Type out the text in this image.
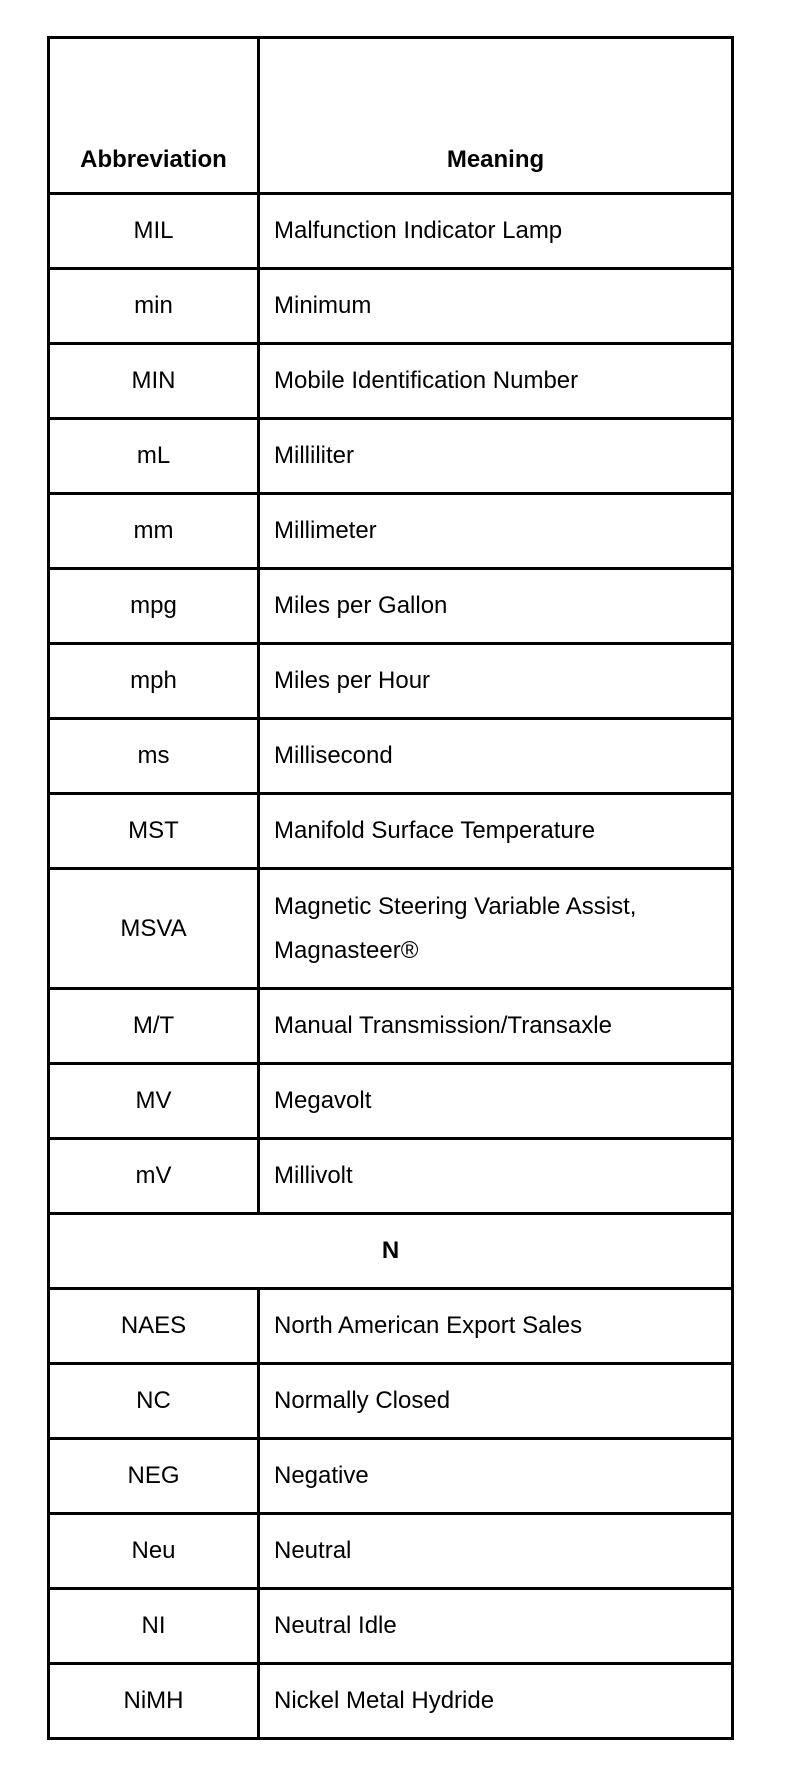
Abbreviation	Meaning
MIL	Malfunction Indicator Lamp
min	Minimum
MIN	Mobile Identification Number
mL	Milliliter
mm	Millimeter
mpg	Miles per Gallon
mph	Miles per Hour
ms	Millisecond
MST	Manifold Surface Temperature
MSVA	Magnetic Steering Variable Assist, Magnasteer®
M/T	Manual Transmission/Transaxle
MV	Megavolt
mV	Millivolt
N	
NAES	North American Export Sales
NC	Normally Closed
NEG	Negative
Neu	Neutral
NI	Neutral Idle
NiMH	Nickel Metal Hydride
